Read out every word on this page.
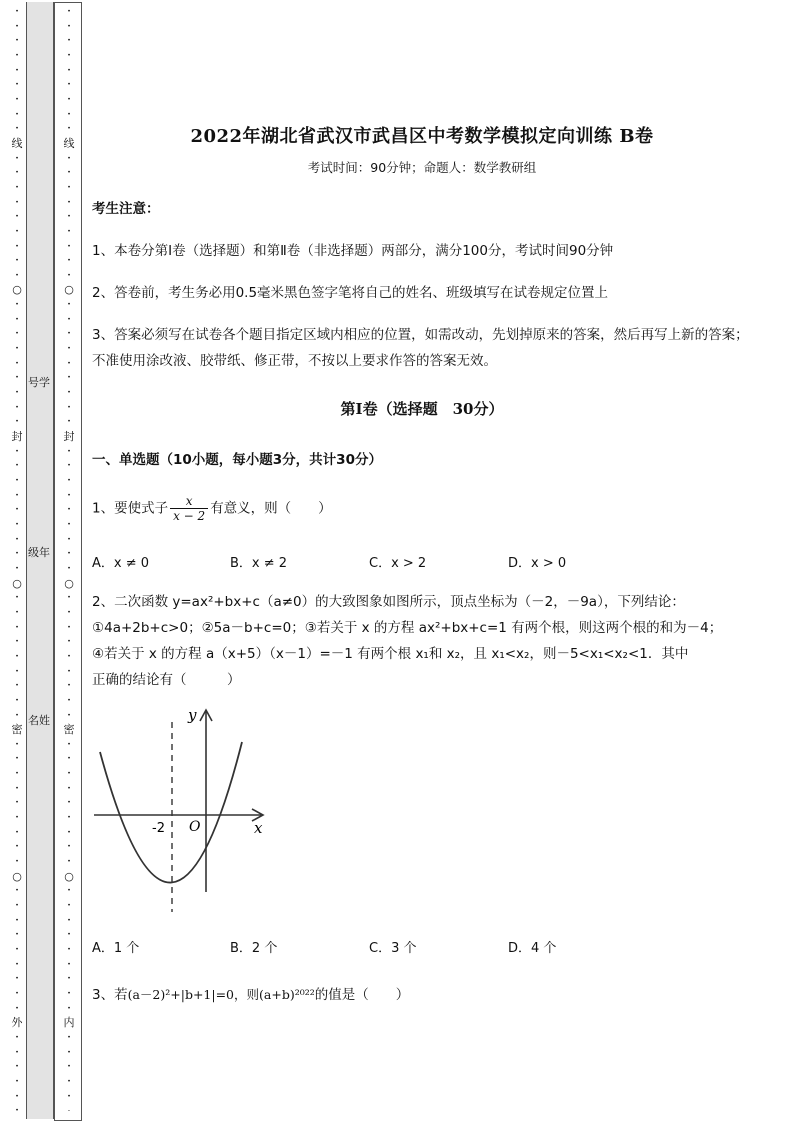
•
•
•
•
•
•
•
•
•
线
•
•
•
•
•
•
•
•
•
○
•
•
•
•
•
•
•
•
•
封
•
•
•
•
•
•
•
•
•
○
•
•
•
•
•
•
•
•
•
密
•
•
•
•
•
•
•
•
•
○
•
•
•
•
•
•
•
•
•
外
•
•
•
•
•
•
•
•
•
•
•
•
•
•
•
线
•
•
•
•
•
•
•
•
•
○
•
•
•
•
•
•
•
•
•
封
•
•
•
•
•
•
•
•
•
○
•
•
•
•
•
•
•
•
•
密
•
•
•
•
•
•
•
•
•
○
•
•
•
•
•
•
•
•
•
内
•
•
•
•
•
-
号学
级年
名姓
2022年湖北省武汉市武昌区中考数学模拟定向训练 B卷
考试时间：90分钟；命题人：数学教研组
考生注意：
1、本卷分第I卷（选择题）和第Ⅱ卷（非选择题）两部分，满分100分，考试时间90分钟
2、答卷前，考生务必用0.5毫米黑色签字笔将自己的姓名、班级填写在试卷规定位置上
3、答案必须写在试卷各个题目指定区域内相应的位置，如需改动，先划掉原来的答案，然后再写上新的答案；不准使用涂改液、胶带纸、修正带，不按以上要求作答的答案无效。
第I卷（选择题　30分）
一、单选题（10小题，每小题3分，共计30分）
1、要使式子 $\frac{x}{x - 2}$ 有意义，则（　　）
A．x ≠ 0	B．x ≠ 2	C．x > 2	D．x > 0
2、二次函数 y=ax²+bx+c（a≠0）的大致图象如图所示，顶点坐标为（－2，－9a），下列结论：
①4a+2b+c>0；②5a－b+c=0；③若关于 x 的方程 ax²+bx+c=1 有两个根，则这两个根的和为－4；
④若关于 x 的方程 a（x+5）（x－1）=－1 有两个根 x₁和 x₂，且 x₁<x₂，则－5<x₁<x₂<1．其中
正确的结论有（　　　）
y
x
O
-2
A．1 个	B．2 个	C．3 个	D．4 个
3、若(a－2)²+|b+1|=0，则(a+b)²⁰²²的值是（　　）
